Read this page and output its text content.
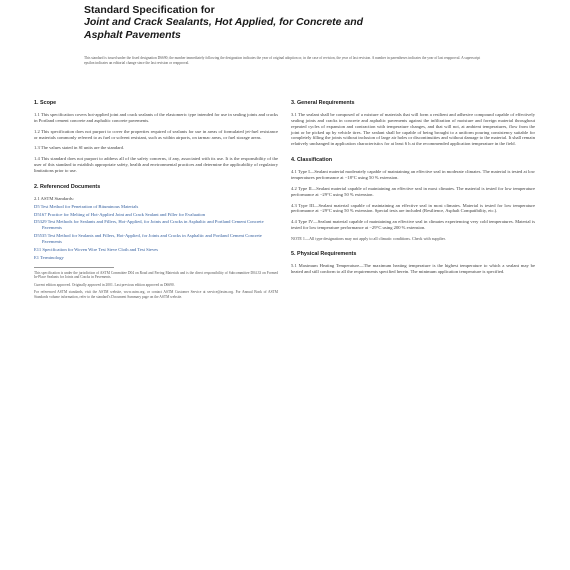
Standard Specification for
Joint and Crack Sealants, Hot Applied, for Concrete and
Asphalt Pavements
This standard is issued under the fixed designation D6690; the number immediately following the designation indicates the year of original adoption or, in the case of revision, the year of last revision. A number in parentheses indicates the year of last reapproval. A superscript epsilon indicates an editorial change since the last revision or reapproval.
1. Scope

1.1 This specification covers hot-applied joint and crack sealants of the elastomeric type intended for use in sealing joints and cracks in Portland cement concrete and asphaltic concrete pavements.

1.2 This specification does not purport to cover the properties required of sealants for use in areas of formulated jet-fuel resistance or materials commonly referred to as fuel or solvent resistant, such as within airports, on tarmac areas, or fuel storage areas.

1.3 The values stated in SI units are the standard.

1.4 This standard does not purport to address all of the safety concerns, if any, associated with its use. It is the responsibility of the user of this standard to establish appropriate safety, health and environmental practices and determine the applicability of regulatory limitations prior to use.

2. Referenced Documents
2.1 ASTM Standards:
D5 Test Method for Penetration of Bituminous Materials
D5167 Practice for Melting of Hot-Applied Joint and Crack Sealant and Filler for Evaluation
D5329 Test Methods for Sealants and Fillers, Hot-Applied, for Joints and Cracks in Asphaltic and Portland Cement Concrete Pavements
D5535 Test Method for Sealants and Fillers, Hot-Applied, for Joints and Cracks in Asphaltic and Portland Cement Concrete Pavements
E11 Specification for Woven Wire Test Sieve Cloth and Test Sieves
E1 Terminology

This specification is under the jurisdiction of ASTM Committee D04 on Road and Paving Materials and is the direct responsibility of Subcommittee D04.33 on Formed In-Place Sealants for Joints and Cracks in Pavements.

Current edition approved. Originally approved in 2001. Last previous edition approved as D6690.

For referenced ASTM standards, visit the ASTM website, www.astm.org, or contact ASTM Customer Service at service@astm.org. For Annual Book of ASTM Standards volume information, refer to the standard's Document Summary page on the ASTM website.

3. General Requirements

3.1 The sealant shall be composed of a mixture of materials that will form a resilient and adhesive compound capable of effectively sealing joints and cracks in concrete and asphaltic pavements against the infiltration of moisture and foreign material throughout repeated cycles of expansion and contraction with temperature changes, and that will not, at ambient temperatures, flow from the joint or be picked up by vehicle tires. The sealant shall be capable of being brought to a uniform pouring consistency suitable for completely filling the joints without inclusion of large air holes or discontinuities and without damage to the material. It shall remain relatively unchanged in application characteristics for at least 6 h at the recommended application temperature in the field.

4. Classification

4.1 Type I—Sealant material moderately capable of maintaining an effective seal in moderate climates. The material is tested at low temperatures performance at −18°C using 50 % extension.

4.2 Type II—Sealant material capable of maintaining an effective seal in most climates. The material is tested for low temperature performance at −29°C using 50 % extension.

4.3 Type III—Sealant material capable of maintaining an effective seal in most climates. Material is tested for low temperature performance at −29°C using 50 % extension. Special tests are included (Resilience, Asphalt Compatibility, etc.).

4.4 Type IV—Sealant material capable of maintaining an effective seal in climates experiencing very cold temperatures. Material is tested for low temperature performance at −29°C using 200 % extension.

NOTE 1—All type designations may not apply to all climatic conditions. Check with supplier.

5. Physical Requirements

5.1 Maximum Heating Temperature—The maximum heating temperature is the highest temperature to which a sealant may be heated and still conform to all the requirements specified herein. The minimum application temperature is specified.
